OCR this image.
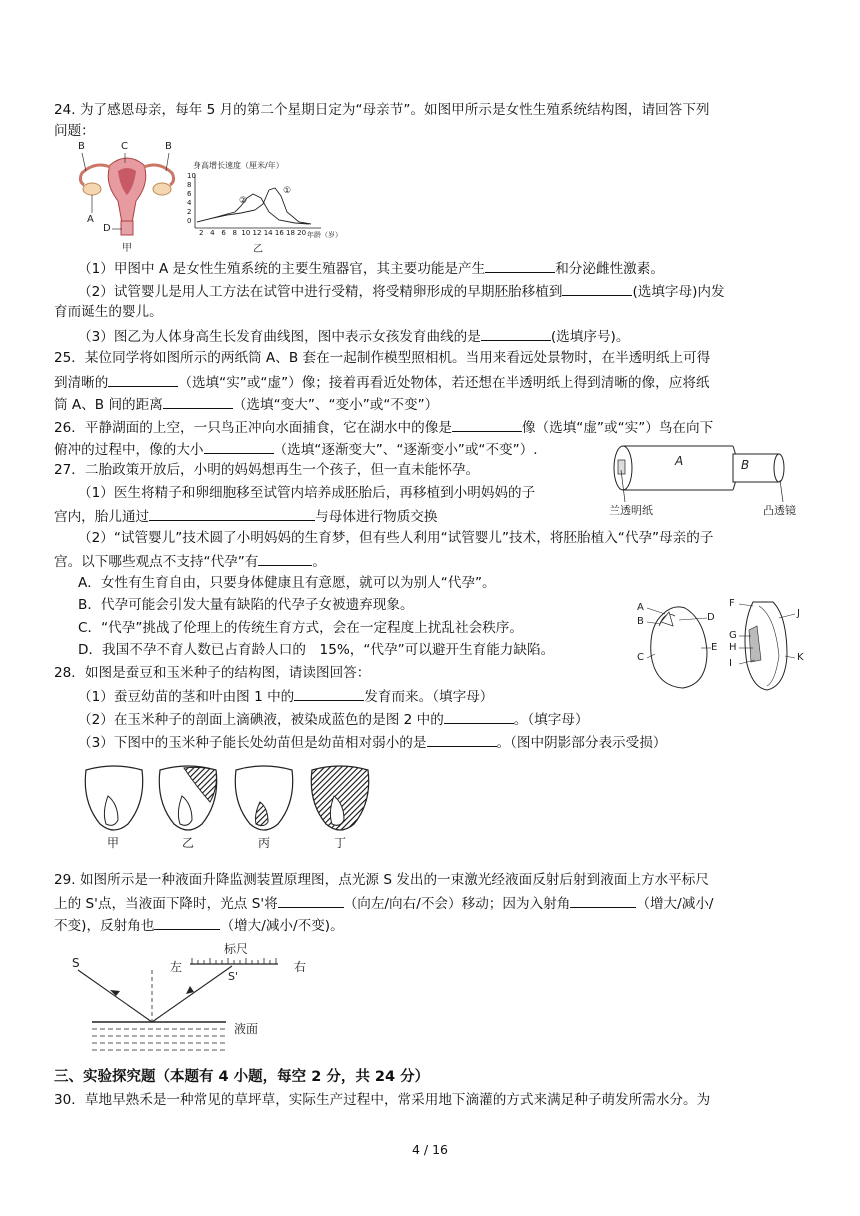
24. 为了感恩母亲，每年 5 月的第二个星期日定为“母亲节”。如图甲所示是女性生殖系统结构图，请回答下列
问题：
B	C	B
A
D
甲
身高增长速度（厘米/年）
10
8
6
4
2
0
2 4 6 8 10 12 14 16 18 20 年龄（岁）
①
②
乙
（1）甲图中 A 是女性生殖系统的主要生殖器官，其主要功能是产生	和分泌雌性激素。
（2）试管婴儿是用人工方法在试管中进行受精，将受精卵形成的早期胚胎移植到	(选填字母)内发
育而诞生的婴儿。
（3）图乙为人体身高生长发育曲线图，图中表示女孩发育曲线的是	(选填序号)。
25．某位同学将如图所示的两纸筒 A、B 套在一起制作模型照相机。当用来看远处景物时，在半透明纸上可得
到清晰的	（选填“实”或“虚”）像；接着再看近处物体，若还想在半透明纸上得到清晰的像，应将纸
筒 A、B 间的距离	（选填“变大”、“变小”或“不变”）
26．平静湖面的上空，一只鸟正冲向水面捕食，它在湖水中的像是	像（选填“虚”或“实”）鸟在向下
俯冲的过程中，像的大小	（选填“逐渐变大”、“逐渐变小”或“不变”）.
A	B
兰透明纸	凸透镜
27．二胎政策开放后，小明的妈妈想再生一个孩子，但一直未能怀孕。
（1）医生将精子和卵细胞移至试管内培养成胚胎后，再移植到小明妈妈的子
宫内，胎儿通过	与母体进行物质交换
（2）“试管婴儿”技术圆了小明妈妈的生育梦，但有些人利用“试管婴儿”技术，将胚胎植入“代孕”母亲的子
宫。以下哪些观点不支持“代孕”有	。
A．女性有生育自由，只要身体健康且有意愿，就可以为别人“代孕”。
B．代孕可能会引发大量有缺陷的代孕子女被遗弃现象。
C．“代孕”挑战了伦理上的传统生育方式，会在一定程度上扰乱社会秩序。
D．我国不孕不育人数已占育龄人口的　15%，“代孕”可以避开生育能力缺陷。
A
B
C
D
E
F
J
G
H
I
K
28．如图是蚕豆和玉米种子的结构图，请读图回答：
（1）蚕豆幼苗的茎和叶由图 1 中的	发育而来。（填字母）
（2）在玉米种子的剖面上滴碘液，被染成蓝色的是图 2 中的	。（填字母）
（3）下图中的玉米种子能长处幼苗但是幼苗相对弱小的是	。（图中阴影部分表示受损）
甲	乙	丙	丁
29. 如图所示是一种液面升降监测装置原理图，点光源 S 发出的一束激光经液面反射后射到液面上方水平标尺
上的 S'点，当液面下降时，光点 S'将	（向左/向右/不会）移动；因为入射角	（增大/减小/
不变)，反射角也	（增大/减小/不变)。
标尺
左	右
S
S'
液面
三、实验探究题（本题有 4 小题，每空 2 分，共 24 分）
30．草地早熟禾是一种常见的草坪草，实际生产过程中，常采用地下滴灌的方式来满足种子萌发所需水分。为
4 / 16
